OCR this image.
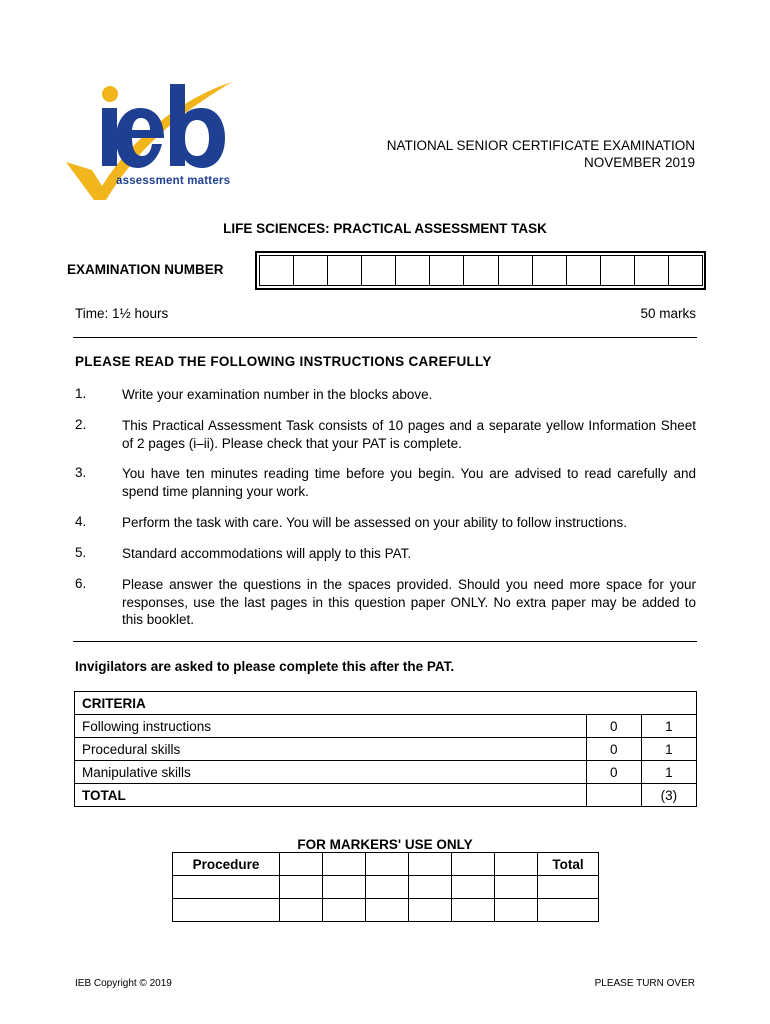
ieb
assessment matters
NATIONAL SENIOR CERTIFICATE EXAMINATION
NOVEMBER 2019
LIFE SCIENCES: PRACTICAL ASSESSMENT TASK
EXAMINATION NUMBER
Time: 1½ hours	50 marks
PLEASE READ THE FOLLOWING INSTRUCTIONS CAREFULLY
1.	Write your examination number in the blocks above.
2.	This Practical Assessment Task consists of 10 pages and a separate yellow Information Sheet of 2 pages (i–ii). Please check that your PAT is complete.
3.	You have ten minutes reading time before you begin. You are advised to read carefully and spend time planning your work.
4.	Perform the task with care. You will be assessed on your ability to follow instructions.
5.	Standard accommodations will apply to this PAT.
6.	Please answer the questions in the spaces provided. Should you need more space for your responses, use the last pages in this question paper ONLY. No extra paper may be added to this booklet.
Invigilators are asked to please complete this after the PAT.
CRITERIA		
Following instructions	0	1
Procedural skills	0	1
Manipulative skills	0	1
TOTAL		(3)
FOR MARKERS' USE ONLY
Procedure							Total

IEB Copyright © 2019	PLEASE TURN OVER
